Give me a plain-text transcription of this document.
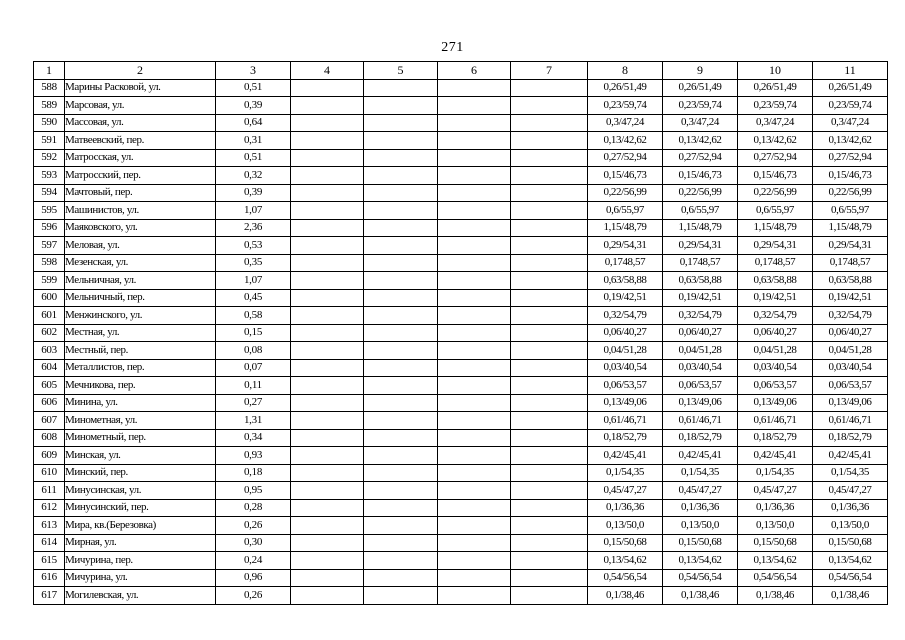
271
1	2	3	4	5	6	7	8	9	10	11
588	Марины Расковой, ул.	0,51					0,26/51,49	0,26/51,49	0,26/51,49	0,26/51,49
589	Марсовая, ул.	0,39					0,23/59,74	0,23/59,74	0,23/59,74	0,23/59,74
590	Массовая, ул.	0,64					0,3/47,24	0,3/47,24	0,3/47,24	0,3/47,24
591	Матвеевский, пер.	0,31					0,13/42,62	0,13/42,62	0,13/42,62	0,13/42,62
592	Матросская, ул.	0,51					0,27/52,94	0,27/52,94	0,27/52,94	0,27/52,94
593	Матросский, пер.	0,32					0,15/46,73	0,15/46,73	0,15/46,73	0,15/46,73
594	Мачтовый, пер.	0,39					0,22/56,99	0,22/56,99	0,22/56,99	0,22/56,99
595	Машинистов, ул.	1,07					0,6/55,97	0,6/55,97	0,6/55,97	0,6/55,97
596	Маяковского, ул.	2,36					1,15/48,79	1,15/48,79	1,15/48,79	1,15/48,79
597	Меловая, ул.	0,53					0,29/54,31	0,29/54,31	0,29/54,31	0,29/54,31
598	Мезенская, ул.	0,35					0,1748,57	0,1748,57	0,1748,57	0,1748,57
599	Мельничная, ул.	1,07					0,63/58,88	0,63/58,88	0,63/58,88	0,63/58,88
600	Мельничный, пер.	0,45					0,19/42,51	0,19/42,51	0,19/42,51	0,19/42,51
601	Менжинского, ул.	0,58					0,32/54,79	0,32/54,79	0,32/54,79	0,32/54,79
602	Местная, ул.	0,15					0,06/40,27	0,06/40,27	0,06/40,27	0,06/40,27
603	Местный, пер.	0,08					0,04/51,28	0,04/51,28	0,04/51,28	0,04/51,28
604	Металлистов, пер.	0,07					0,03/40,54	0,03/40,54	0,03/40,54	0,03/40,54
605	Мечникова, пер.	0,11					0,06/53,57	0,06/53,57	0,06/53,57	0,06/53,57
606	Минина, ул.	0,27					0,13/49,06	0,13/49,06	0,13/49,06	0,13/49,06
607	Минометная, ул.	1,31					0,61/46,71	0,61/46,71	0,61/46,71	0,61/46,71
608	Минометный, пер.	0,34					0,18/52,79	0,18/52,79	0,18/52,79	0,18/52,79
609	Минская, ул.	0,93					0,42/45,41	0,42/45,41	0,42/45,41	0,42/45,41
610	Минский, пер.	0,18					0,1/54,35	0,1/54,35	0,1/54,35	0,1/54,35
611	Минусинская, ул.	0,95					0,45/47,27	0,45/47,27	0,45/47,27	0,45/47,27
612	Минусинский, пер.	0,28					0,1/36,36	0,1/36,36	0,1/36,36	0,1/36,36
613	Мира, кв.(Березовка)	0,26					0,13/50,0	0,13/50,0	0,13/50,0	0,13/50,0
614	Мирная, ул.	0,30					0,15/50,68	0,15/50,68	0,15/50,68	0,15/50,68
615	Мичурина, пер.	0,24					0,13/54,62	0,13/54,62	0,13/54,62	0,13/54,62
616	Мичурина, ул.	0,96					0,54/56,54	0,54/56,54	0,54/56,54	0,54/56,54
617	Могилевская, ул.	0,26					0,1/38,46	0,1/38,46	0,1/38,46	0,1/38,46
